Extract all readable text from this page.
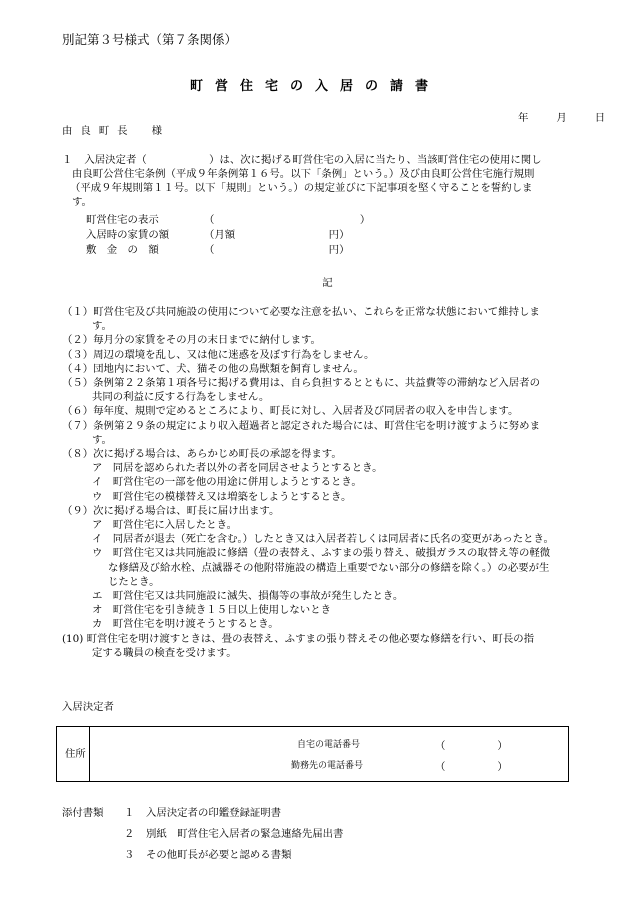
別記第３号様式（第７条関係）
町営住宅の入居の請書
年	月	日
由良町長 様
１ 入居決定者（　　　　　　）は、次に掲げる町営住宅の入居に当たり、当該町営住宅の使用に関し
由良町公営住宅条例（平成９年条例第１６号。以下「条例」という。）及び由良町公営住宅施行規則
（平成９年規則第１１号。以下「規則」という。）の規定並びに下記事項を堅く守ることを誓約しま
す。
町営住宅の表示	（　　　　　　　　　　　　　　）
入居時の家賃の額	（月額　　　　　　　　　円）
敷　金　の　額	（　　　　　　　　　　　円）
記
（１）町営住宅及び共同施設の使用について必要な注意を払い、これらを正常な状態において維持しま
す。
（２）毎月分の家賃をその月の末日までに納付します。
（３）周辺の環境を乱し、又は他に迷惑を及ぼす行為をしません。
（４）団地内において、犬、猫その他の鳥獣類を飼育しません。
（５）条例第２２条第１項各号に掲げる費用は、自ら負担するとともに、共益費等の滞納など入居者の
共同の利益に反する行為をしません。
（６）毎年度、規則で定めるところにより、町長に対し、入居者及び同居者の収入を申告します。
（７）条例第２９条の規定により収入超過者と認定された場合には、町営住宅を明け渡すように努めま
す。
（８）次に掲げる場合は、あらかじめ町長の承認を得ます。
ア　同居を認められた者以外の者を同居させようとするとき。
イ　町営住宅の一部を他の用途に併用しようとするとき。
ウ　町営住宅の模様替え又は増築をしようとするとき。
（９）次に掲げる場合は、町長に届け出ます。
ア　町営住宅に入居したとき。
イ　同居者が退去（死亡を含む。）したとき又は入居者若しくは同居者に氏名の変更があったとき。
ウ　町営住宅又は共同施設に修繕（畳の表替え、ふすまの張り替え、破損ガラスの取替え等の軽微
な修繕及び給水栓、点滅器その他附帯施設の構造上重要でない部分の修繕を除く。）の必要が生
じたとき。
エ　町営住宅又は共同施設に滅失、損傷等の事故が発生したとき。
オ　町営住宅を引き続き１５日以上使用しないとき
カ　町営住宅を明け渡そうとするとき。
(10) 町営住宅を明け渡すときは、畳の表替え、ふすまの張り替えその他必要な修繕を行い、町長の指
定する職員の検査を受けます。
入居決定者
住所
自宅の電話番号	（　　　　　）
勤務先の電話番号	（　　　　　）
添付書類 １ 入居決定者の印鑑登録証明書
２ 別紙　町営住宅入居者の緊急連絡先届出書
３ その他町長が必要と認める書類
